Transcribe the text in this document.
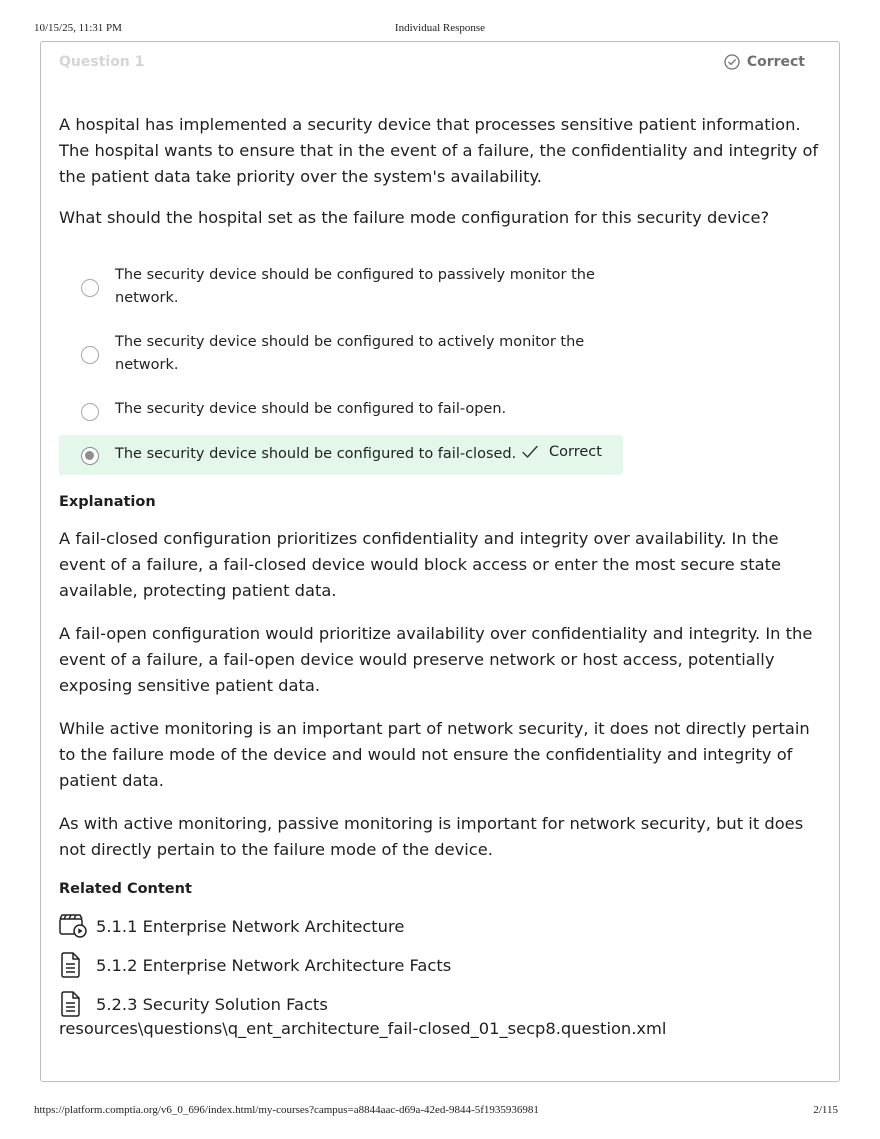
10/15/25, 11:31 PM	Individual Response
Question 1	Correct

A hospital has implemented a security device that processes sensitive patient information. The hospital wants to ensure that in the event of a failure, the confidentiality and integrity of the patient data take priority over the system's availability.

What should the hospital set as the failure mode configuration for this security device?

The security device should be configured to passively monitor the network.
The security device should be configured to actively monitor the network.
The security device should be configured to fail-open.
The security device should be configured to fail-closed.	Correct
Explanation

A fail-closed configuration prioritizes confidentiality and integrity over availability. In the event of a failure, a fail-closed device would block access or enter the most secure state available, protecting patient data.

A fail-open configuration would prioritize availability over confidentiality and integrity. In the event of a failure, a fail-open device would preserve network or host access, potentially exposing sensitive patient data.

While active monitoring is an important part of network security, it does not directly pertain to the failure mode of the device and would not ensure the confidentiality and integrity of patient data.

As with active monitoring, passive monitoring is important for network security, but it does not directly pertain to the failure mode of the device.

Related Content
5.1.1 Enterprise Network Architecture
5.1.2 Enterprise Network Architecture Facts
5.2.3 Security Solution Facts
resources\questions\q_ent_architecture_fail-closed_01_secp8.question.xml
https://platform.comptia.org/v6_0_696/index.html/my-courses?campus=a8844aac-d69a-42ed-9844-5f1935936981	2/115
